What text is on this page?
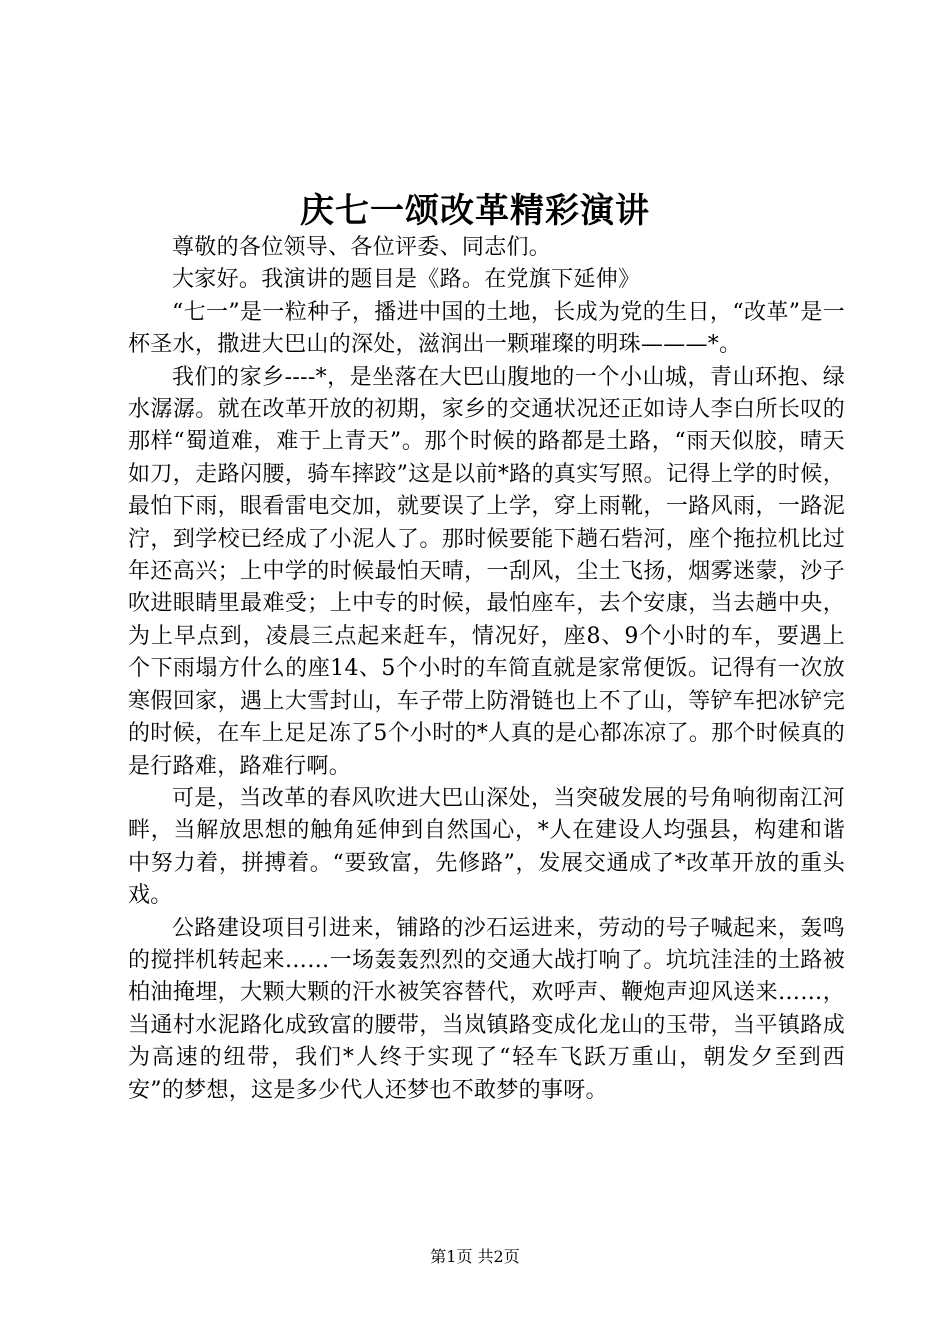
庆七一颂改革精彩演讲

尊敬的各位领导、各位评委、同志们。

大家好。我演讲的题目是《路。在党旗下延伸》

“七一”是一粒种子，播进中国的土地，长成为党的生日，“改革”是一杯圣水，撒进大巴山的深处，滋润出一颗璀璨的明珠———*。

我们的家乡----*，是坐落在大巴山腹地的一个小山城，青山环抱、绿水潺潺。就在改革开放的初期，家乡的交通状况还正如诗人李白所长叹的那样“蜀道难，难于上青天”。那个时候的路都是土路，“雨天似胶，晴天如刀，走路闪腰，骑车摔跤”这是以前*路的真实写照。记得上学的时候，最怕下雨，眼看雷电交加，就要误了上学，穿上雨靴，一路风雨，一路泥泞，到学校已经成了小泥人了。那时候要能下趟石砦河，座个拖拉机比过年还高兴；上中学的时候最怕天晴，一刮风，尘土飞扬，烟雾迷蒙，沙子吹进眼睛里最难受；上中专的时候，最怕座车，去个安康，当去趟中央，为上早点到，凌晨三点起来赶车，情况好，座8、9个小时的车，要遇上个下雨塌方什么的座14、5个小时的车简直就是家常便饭。记得有一次放寒假回家，遇上大雪封山，车子带上防滑链也上不了山，等铲车把冰铲完的时候，在车上足足冻了5个小时的*人真的是心都冻凉了。那个时候真的是行路难，路难行啊。

可是，当改革的春风吹进大巴山深处，当突破发展的号角响彻南江河畔，当解放思想的触角延伸到自然国心，*人在建设人均强县，构建和谐中努力着，拼搏着。“要致富，先修路”，发展交通成了*改革开放的重头戏。

公路建设项目引进来，铺路的沙石运进来，劳动的号子喊起来，轰鸣的搅拌机转起来……一场轰轰烈烈的交通大战打响了。坑坑洼洼的土路被柏油掩埋，大颗大颗的汗水被笑容替代，欢呼声、鞭炮声迎风送来……，当通村水泥路化成致富的腰带，当岚镇路变成化龙山的玉带，当平镇路成为高速的纽带，我们*人终于实现了“轻车飞跃万重山，朝发夕至到西安”的梦想，这是多少代人还梦也不敢梦的事呀。

第1页 共2页
